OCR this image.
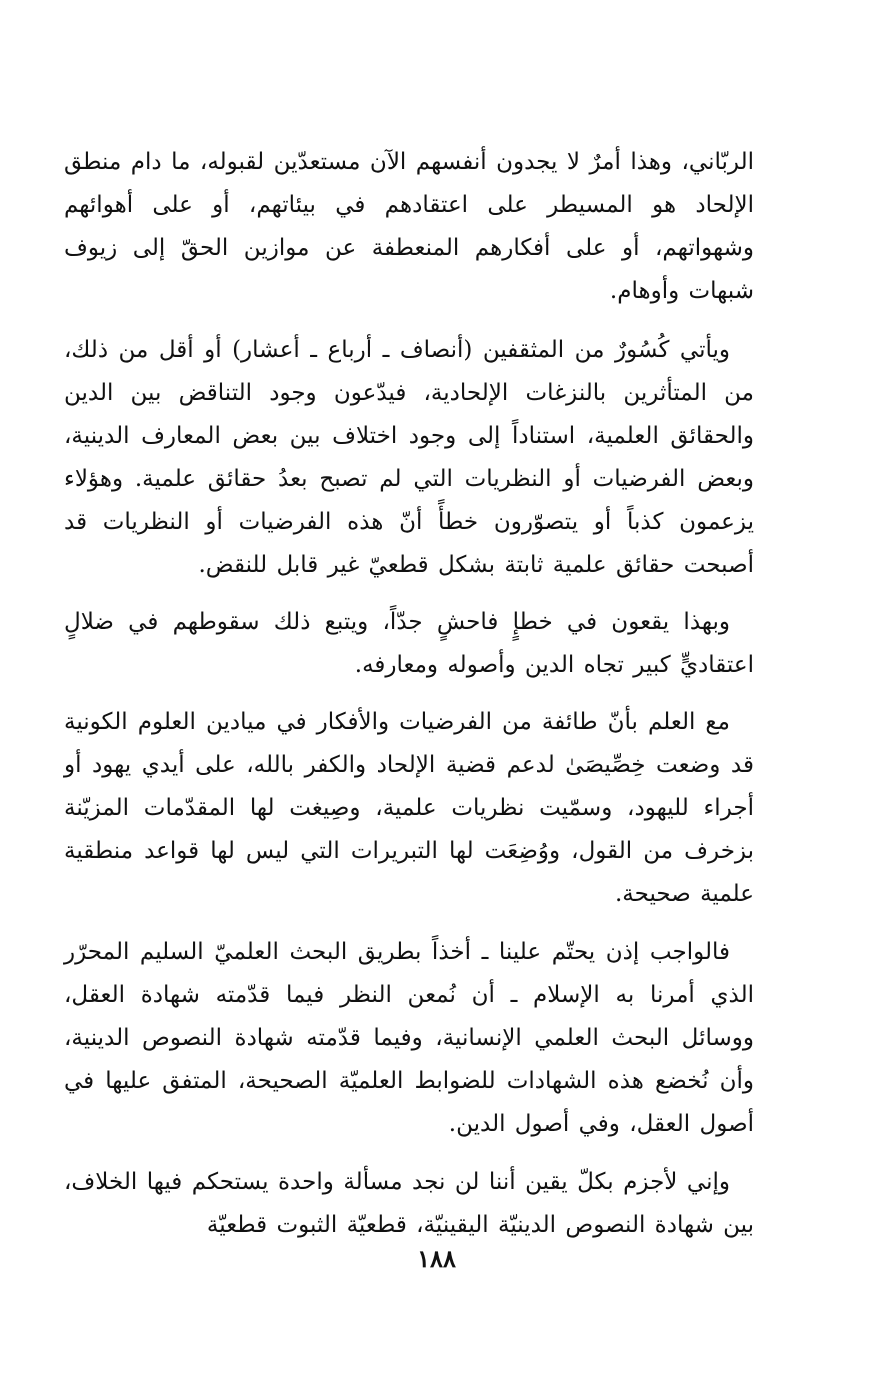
الربّاني، وهذا أمرٌ لا يجدون أنفسهم الآن مستعدّين لقبوله، ما دام منطق الإلحاد هو المسيطر على اعتقادهم في بيئاتهم، أو على أهوائهم وشهواتهم، أو على أفكارهم المنعطفة عن موازين الحقّ إلى زيوف شبهات وأوهام.

ويأتي كُسُورٌ من المثقفين (أنصاف ـ أرباع ـ أعشار) أو أقل من ذلك، من المتأثرين بالنزغات الإلحادية، فيدّعون وجود التناقض بين الدين والحقائق العلمية، استناداً إلى وجود اختلاف بين بعض المعارف الدينية، وبعض الفرضيات أو النظريات التي لم تصبح بعدُ حقائق علمية. وهؤلاء يزعمون كذباً أو يتصوّرون خطأً أنّ هذه الفرضيات أو النظريات قد أصبحت حقائق علمية ثابتة بشكل قطعيّ غير قابل للنقض.

وبهذا يقعون في خطإٍ فاحشٍ جدّاً، ويتبع ذلك سقوطهم في ضلالٍ اعتقاديٍّ كبير تجاه الدين وأصوله ومعارفه.

مع العلم بأنّ طائفة من الفرضيات والأفكار في ميادين العلوم الكونية قد وضعت خِصِّيصَىٰ لدعم قضية الإلحاد والكفر بالله، على أيدي يهود أو أجراء لليهود، وسمّيت نظريات علمية، وصِيغت لها المقدّمات المزيّنة بزخرف من القول، ووُضِعَت لها التبريرات التي ليس لها قواعد منطقية علمية صحيحة.

فالواجب إذن يحتّم علينا ـ أخذاً بطريق البحث العلميّ السليم المحرّر الذي أمرنا به الإسلام ـ أن نُمعن النظر فيما قدّمته شهادة العقل، ووسائل البحث العلمي الإنسانية، وفيما قدّمته شهادة النصوص الدينية، وأن نُخضع هذه الشهادات للضوابط العلميّة الصحيحة، المتفق عليها في أصول العقل، وفي أصول الدين.

وإني لأجزم بكلّ يقين أننا لن نجد مسألة واحدة يستحكم فيها الخلاف، بين شهادة النصوص الدينيّة اليقينيّة، قطعيّة الثبوت قطعيّة

١٨٨
